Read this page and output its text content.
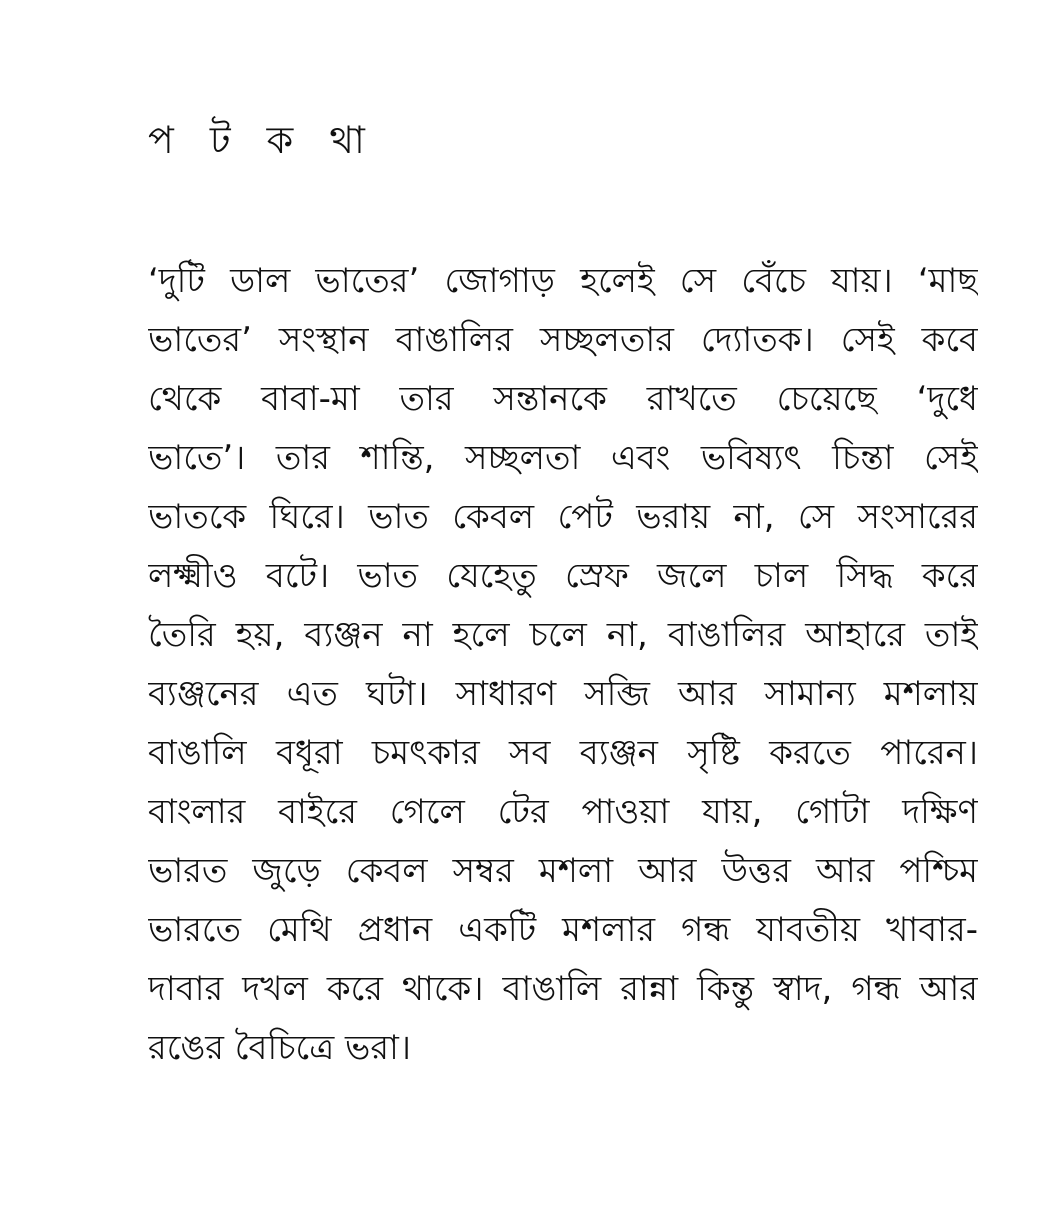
প ট ক থা
‘দুটি ডাল ভাতের’ জোগাড় হলেই সে বেঁচে যায়। ‘মাছ
ভাতের’ সংস্থান বাঙালির সচ্ছলতার দ্যোতক। সেই কবে
থেকে বাবা-মা তার সন্তানকে রাখতে চেয়েছে ‘দুধে
ভাতে’। তার শান্তি, সচ্ছলতা এবং ভবিষ্যৎ চিন্তা সেই
ভাতকে ঘিরে। ভাত কেবল পেট ভরায় না, সে সংসারের
লক্ষ্মীও বটে। ভাত যেহেতু স্রেফ জলে চাল সিদ্ধ করে
তৈরি হয়, ব্যঞ্জন না হলে চলে না, বাঙালির আহারে তাই
ব্যঞ্জনের এত ঘটা। সাধারণ সব্জি আর সামান্য মশলায়
বাঙালি বধূরা চমৎকার সব ব্যঞ্জন সৃষ্টি করতে পারেন।
বাংলার বাইরে গেলে টের পাওয়া যায়, গোটা দক্ষিণ
ভারত জুড়ে কেবল সম্বর মশলা আর উত্তর আর পশ্চিম
ভারতে মেথি প্রধান একটি মশলার গন্ধ যাবতীয় খাবার-
দাবার দখল করে থাকে। বাঙালি রান্না কিন্তু স্বাদ, গন্ধ আর
রঙের বৈচিত্রে ভরা।
